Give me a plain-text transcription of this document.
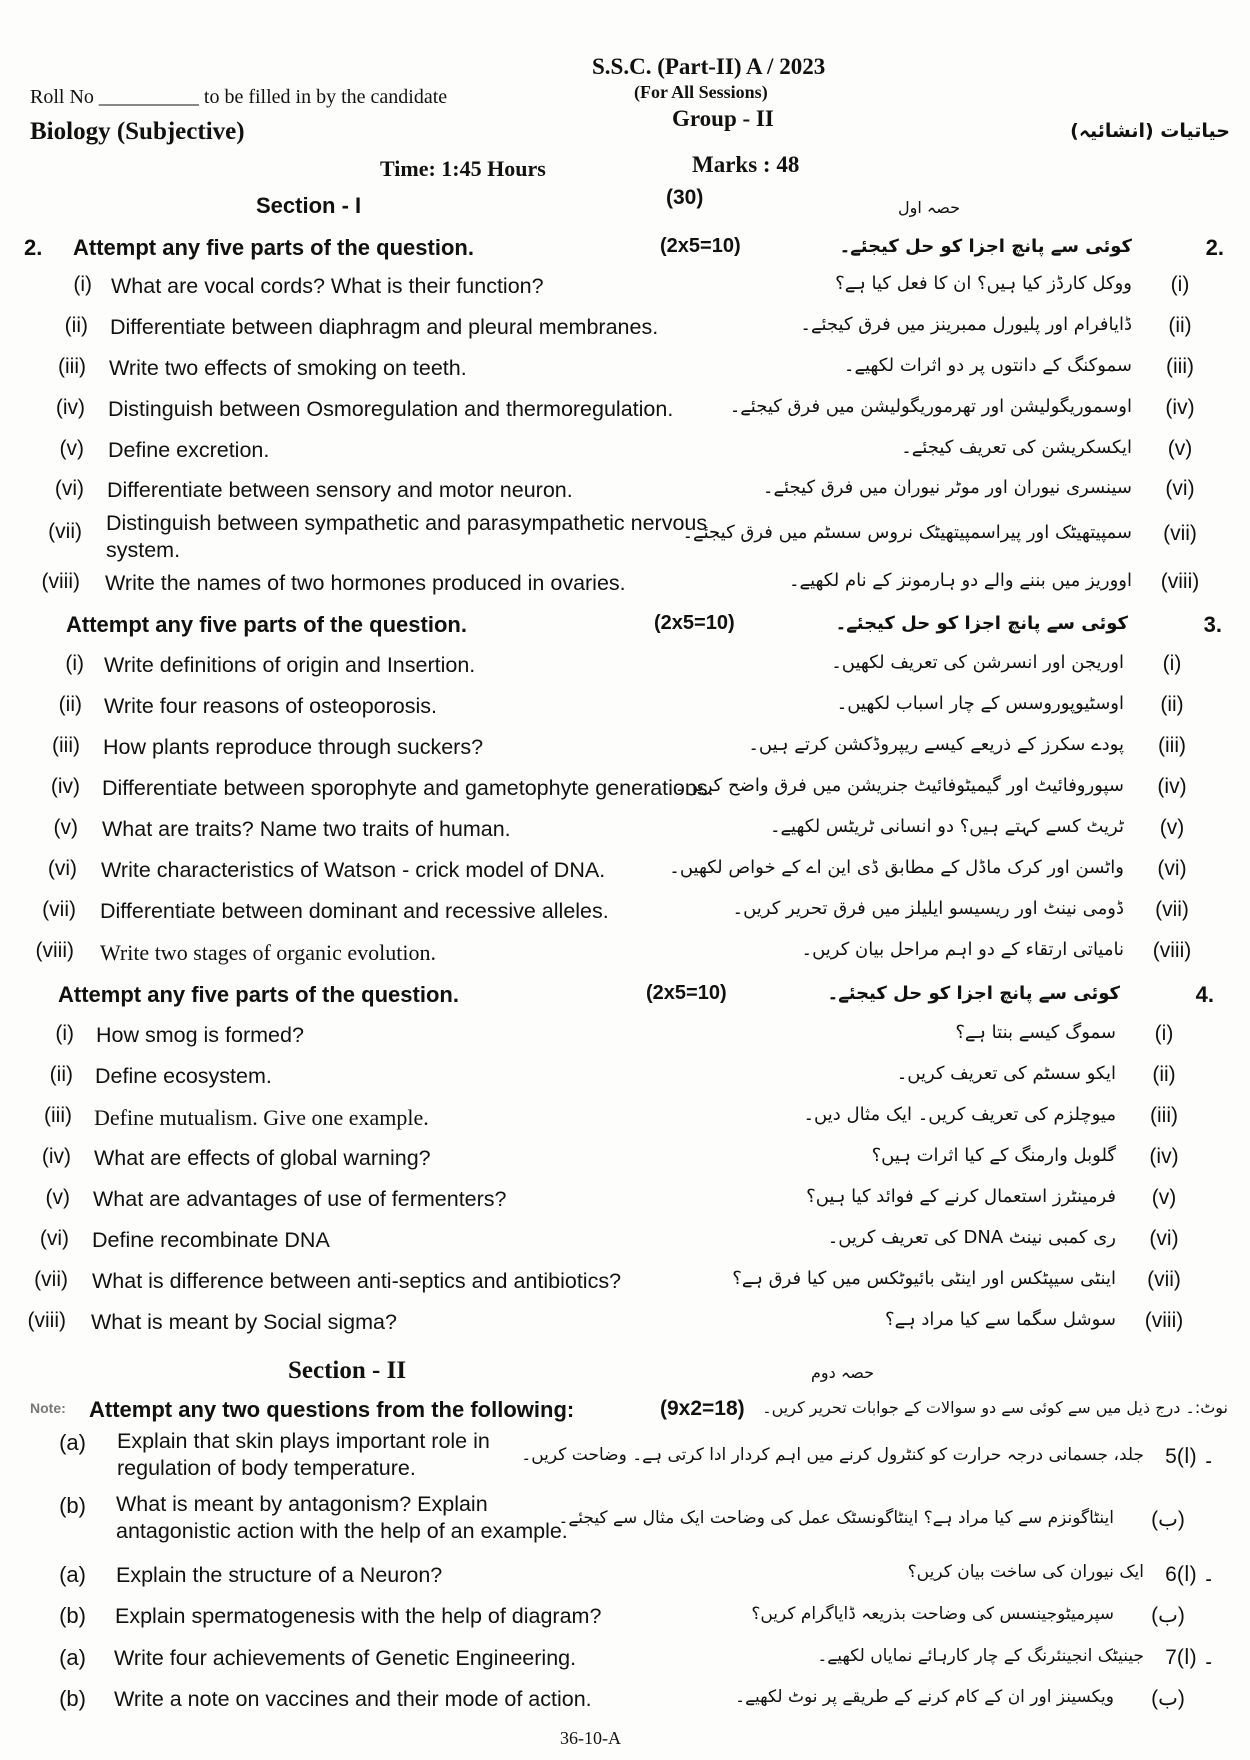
S.S.C. (Part-II) A / 2023
Roll No __________ to be filled in by the candidate	(For All Sessions)
Group - II
Biology (Subjective)	حیاتیات (انشائیہ)
Time: 1:45 Hours	Marks : 48
Section - I	(30)	حصہ اول
2. Attempt any five parts of the question.	(2x5=10)	کوئی سے پانچ اجزا کو حل کیجئے۔	2.
(i) What are vocal cords? What is their function?	ووکل کارڈز کیا ہیں؟ ان کا فعل کیا ہے؟	(i)
(ii) Differentiate between diaphragm and pleural membranes.	ڈایافرام اور پلیورل ممبرینز میں فرق کیجئے۔	(ii)
(iii) Write two effects of smoking on teeth.	سموکنگ کے دانتوں پر دو اثرات لکھیے۔	(iii)
(iv) Distinguish between Osmoregulation and thermoregulation.	اوسموریگولیشن اور تھرموریگولیشن میں فرق کیجئے۔	(iv)
(v) Define excretion.	ایکسکریشن کی تعریف کیجئے۔	(v)
(vi) Differentiate between sensory and motor neuron.	سینسری نیوران اور موٹر نیوران میں فرق کیجئے۔	(vi)
(vii) Distinguish between sympathetic and parasympathetic nervous
system.
سمپیتھیٹک اور پیراسمپیتھیٹک نروس سسٹم میں فرق کیجئے۔ (vii)
(viii) Write the names of two hormones produced in ovaries.	اووریز میں بننے والے دو ہارمونز کے نام لکھیے۔ (viii)
Attempt any five parts of the question.	(2x5=10)	کوئی سے پانچ اجزا کو حل کیجئے۔	3.
(i) Write definitions of origin and Insertion.	اوریجن اور انسرشن کی تعریف لکھیں۔	(i)
(ii) Write four reasons of osteoporosis.	اوسٹیوپوروسس کے چار اسباب لکھیں۔	(ii)
(iii) How plants reproduce through suckers?	پودے سکرز کے ذریعے کیسے ریپروڈکشن کرتے ہیں۔	(iii)
(iv) Differentiate between sporophyte and gametophyte generations.
سپوروفائیٹ اور گیمیٹوفائیٹ جنریشن میں فرق واضح کریں۔	(iv)
(v) What are traits? Name two traits of human.	ٹریٹ کسے کہتے ہیں؟ دو انسانی ٹریٹس لکھیے۔	(v)
(vi) Write characteristics of Watson - crick model of DNA.	واٹسن اور کرک ماڈل کے مطابق ڈی این اے کے خواص لکھیں۔	(vi)
(vii) Differentiate between dominant and recessive alleles.	ڈومی نینٹ اور ریسیسو ایلیلز میں فرق تحریر کریں۔ (vii)
(viii) Write two stages of organic evolution.	نامیاتی ارتقاء کے دو اہم مراحل بیان کریں۔ (viii)
Attempt any five parts of the question.	(2x5=10)	کوئی سے پانچ اجزا کو حل کیجئے۔	4.
(i) How smog is formed?	سموگ کیسے بنتا ہے؟	(i)
(ii) Define ecosystem.	ایکو سسٹم کی تعریف کریں۔	(ii)
(iii) Define mutualism. Give one example.	میوچلزم کی تعریف کریں۔ ایک مثال دیں۔	(iii)
(iv) What are effects of global warning?	گلوبل وارمنگ کے کیا اثرات ہیں؟	(iv)
(v) What are advantages of use of fermenters?	فرمینٹرز استعمال کرنے کے فوائد کیا ہیں؟	(v)
(vi) Define recombinate DNA	ری کمبی نینٹ DNA کی تعریف کریں۔	(vi)
(vii) What is difference between anti-septics and antibiotics?	اینٹی سیپٹکس اور اینٹی بائیوٹکس میں کیا فرق ہے؟ (vii)
(viii) What is meant by Social sigma?	سوشل سگما سے کیا مراد ہے؟ (viii)
Section - II	حصہ دوم
Note: Attempt any two questions from the following:	(9x2=18) نوٹ:۔ درج ذیل میں سے کوئی سے دو سوالات کے جوابات تحریر کریں۔
(a) Explain that skin plays important role in
regulation of body temperature.
جلد، جسمانی درجہ حرارت کو کنٹرول کرنے میں اہم کردار ادا کرتی ہے۔ وضاحت کریں۔	5۔ (ا)
(b) What is meant by antagonism? Explain
antagonistic action with the help of an example.
اینٹاگونزم سے کیا مراد ہے؟ اینٹاگونسٹک عمل کی وضاحت ایک مثال سے کیجئے۔ (ب)
(a) Explain the structure of a Neuron?	ایک نیوران کی ساخت بیان کریں؟	6۔ (ا)
(b) Explain spermatogenesis with the help of diagram?	سپرمیٹوجینسس کی وضاحت بذریعہ ڈایاگرام کریں؟ (ب)
(a) Write four achievements of Genetic Engineering.	جینیٹک انجینئرنگ کے چار کارہائے نمایاں لکھیے۔	7۔ (ا)
(b) Write a note on vaccines and their mode of action.	ویکسینز اور ان کے کام کرنے کے طریقے پر نوٹ لکھیے۔ (ب)
36-10-A
